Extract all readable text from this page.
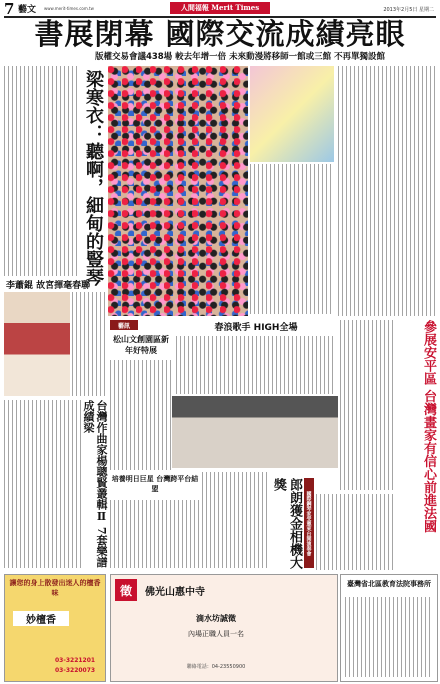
7 藝文 www.merit-times.com.tw	人間福報 Merit Times	2013年2月5日 星期二
書展閉幕 國際交流成績亮眼
版權交易會議438場 較去年增一倍 未來動漫將移師一館或三館 不再單獨設館
梁寒衣：聽啊，細甸的豎琴
李蕭錕 故宮揮毫春聯
藝訊
松山文創園區新年好特展
春浪歌手 HIGH全場	參展安平區 台灣畫家有信心前進法國
台灣作曲家楊聰賢叢輯Ⅱ 7套樂譜成績梁
培養明日巨星 台灣跨平台結盟	郎朗獲金相機大獎
國際鋼琴家受邀來台開演奏會
讓您的身上散發出迷人的檀香味
妙檀香
03-3221201
03-3220073
徵	佛光山惠中寺
滴水坊誠徵
內場正職人員一名
聯絡電話：04-23550900
臺灣省北區教育法院事務所
